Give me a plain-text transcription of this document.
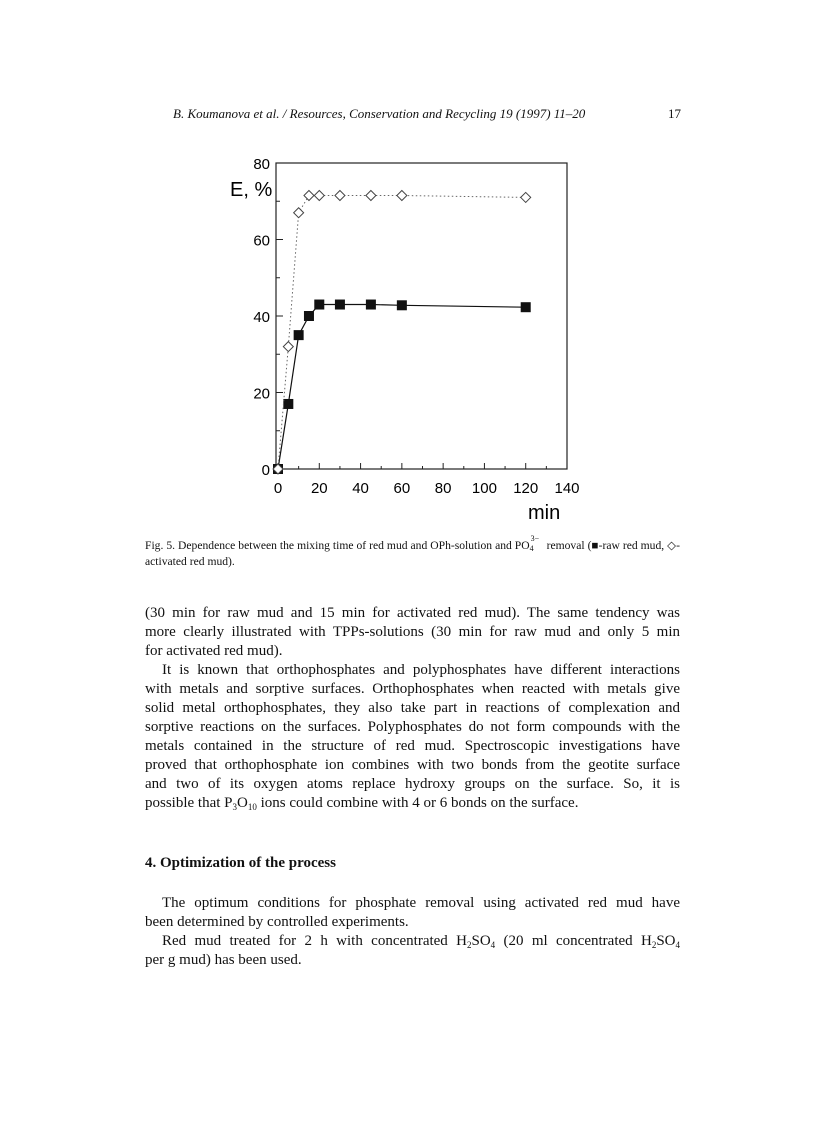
B. Koumanova et al. / Resources, Conservation and Recycling 19 (1997) 11–20	17
0 20 40 60 80 100 120 140
0
20
40
60
80
E, %
min
Fig. 5. Dependence between the mixing time of red mud and OPh-solution and PO
3−
4 removal (■-raw red mud, ◇-activated red mud).
(30 min for raw mud and 15 min for activated red mud). The same tendency was
more clearly illustrated with TPPs-solutions (30 min for raw mud and only 5 min
for activated red mud).
It is known that orthophosphates and polyphosphates have different interactions
with metals and sorptive surfaces. Orthophosphates when reacted with metals give
solid metal orthophosphates, they also take part in reactions of complexation and
sorptive reactions on the surfaces. Polyphosphates do not form compounds with the
metals contained in the structure of red mud. Spectroscopic investigations have
proved that orthophosphate ion combines with two bonds from the geotite surface
and two of its oxygen atoms replace hydroxy groups on the surface. So, it is
possible that $P_3O_{10}$ ions could combine with 4 or 6 bonds on the surface.
4. Optimization of the process
The optimum conditions for phosphate removal using activated red mud have
been determined by controlled experiments.
Red mud treated for 2 h with concentrated $H_2SO_4$ (20 ml concentrated $H_2SO_4$
per g mud) has been used.
